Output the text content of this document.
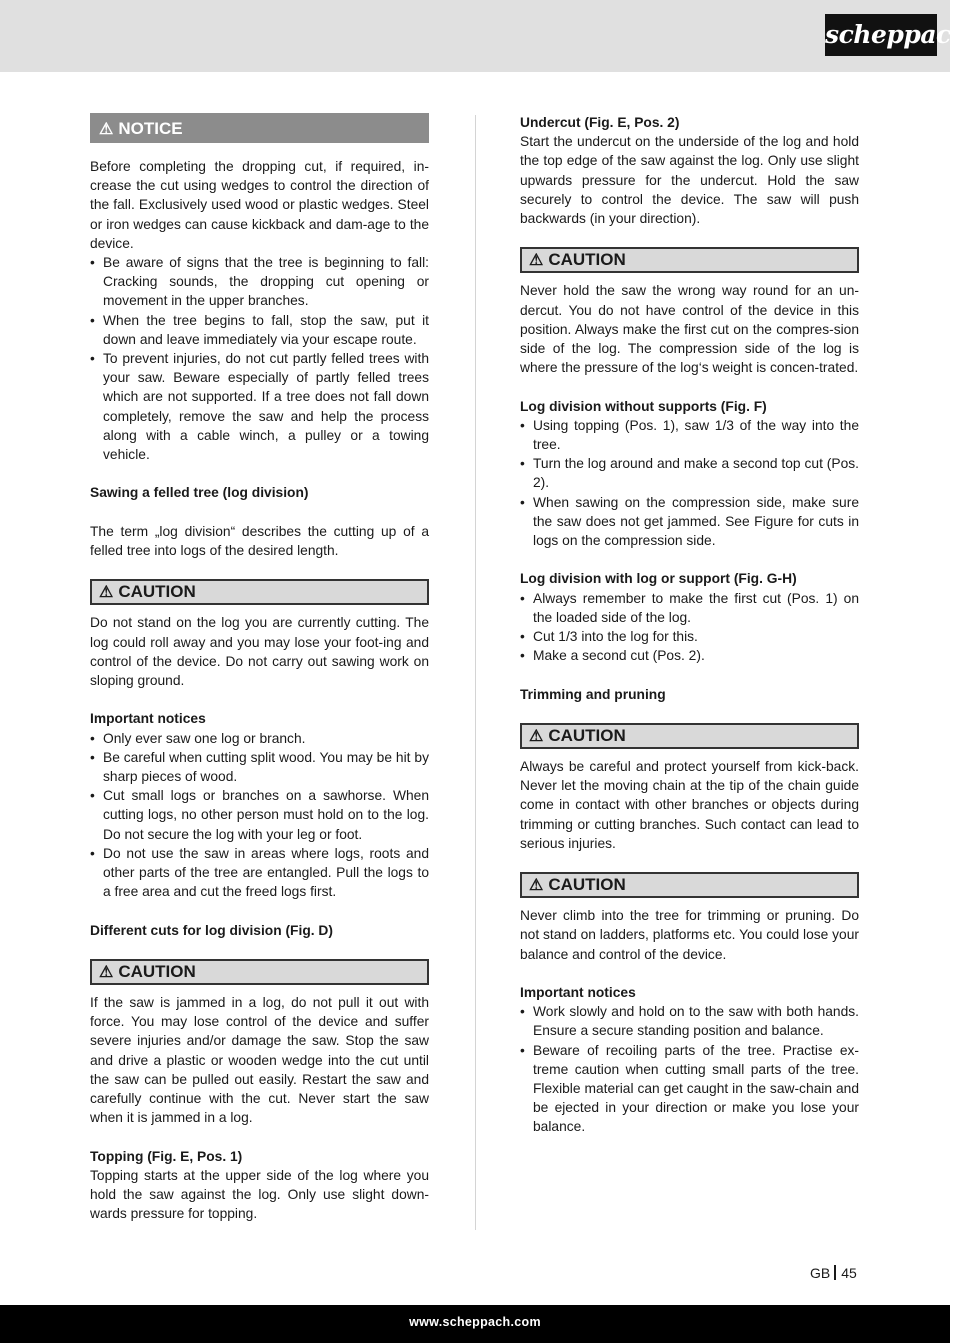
scheppach
⚠ NOTICE

Before completing the dropping cut, if required, in-crease the cut using wedges to control the direction of the fall. Exclusively used wood or plastic wedges. Steel or iron wedges can cause kickback and dam-age to the device.

• Be aware of signs that the tree is beginning to fall: Cracking sounds, the dropping cut opening or movement in the upper branches.
• When the tree begins to fall, stop the saw, put it down and leave immediately via your escape route.
• To prevent injuries, do not cut partly felled trees with your saw. Beware especially of partly felled trees which are not supported. If a tree does not fall down completely, remove the saw and help the process along with a cable winch, a pulley or a towing vehicle.

Sawing a felled tree (log division)

The term „log division“ describes the cutting up of a felled tree into logs of the desired length.

⚠ CAUTION

Do not stand on the log you are currently cutting. The log could roll away and you may lose your foot-ing and control of the device. Do not carry out sawing work on sloping ground.

Important notices

• Only ever saw one log or branch.
• Be careful when cutting split wood. You may be hit by sharp pieces of wood.
• Cut small logs or branches on a sawhorse. When cutting logs, no other person must hold on to the log. Do not secure the log with your leg or foot.
• Do not use the saw in areas where logs, roots and other parts of the tree are entangled. Pull the logs to a free area and cut the freed logs first.

Different cuts for log division (Fig. D)

⚠ CAUTION

If the saw is jammed in a log, do not pull it out with force. You may lose control of the device and suffer severe injuries and/or damage the saw. Stop the saw and drive a plastic or wooden wedge into the cut until the saw can be pulled out easily. Restart the saw and carefully continue with the cut. Never start the saw when it is jammed in a log.

Topping (Fig. E, Pos. 1)

Topping starts at the upper side of the log where you hold the saw against the log. Only use slight down-wards pressure for topping.

Undercut (Fig. E, Pos. 2)

Start the undercut on the underside of the log and hold the top edge of the saw against the log. Only use slight upwards pressure for the undercut. Hold the saw securely to control the device. The saw will push backwards (in your direction).

⚠ CAUTION

Never hold the saw the wrong way round for an un-dercut. You do not have control of the device in this position. Always make the first cut on the compres-sion side of the log. The compression side of the log is where the pressure of the log‘s weight is concen-trated.

Log division without supports (Fig. F)

• Using topping (Pos. 1), saw 1/3 of the way into the tree.
• Turn the log around and make a second top cut (Pos. 2).
• When sawing on the compression side, make sure the saw does not get jammed. See Figure for cuts in logs on the compression side.

Log division with log or support (Fig. G-H)

• Always remember to make the first cut (Pos. 1) on the loaded side of the log.
• Cut 1/3 into the log for this.
• Make a second cut (Pos. 2).

Trimming and pruning

⚠ CAUTION

Always be careful and protect yourself from kick-back. Never let the moving chain at the tip of the chain guide come in contact with other branches or objects during trimming or cutting branches. Such contact can lead to serious injuries.

⚠ CAUTION

Never climb into the tree for trimming or pruning. Do not stand on ladders, platforms etc. You could lose your balance and control of the device.

Important notices

• Work slowly and hold on to the saw with both hands. Ensure a secure standing position and balance.
• Beware of recoiling parts of the tree. Practise ex-treme caution when cutting small parts of the tree. Flexible material can get caught in the saw-chain and be ejected in your direction or make you lose your balance.
GB 45
www.scheppach.com
